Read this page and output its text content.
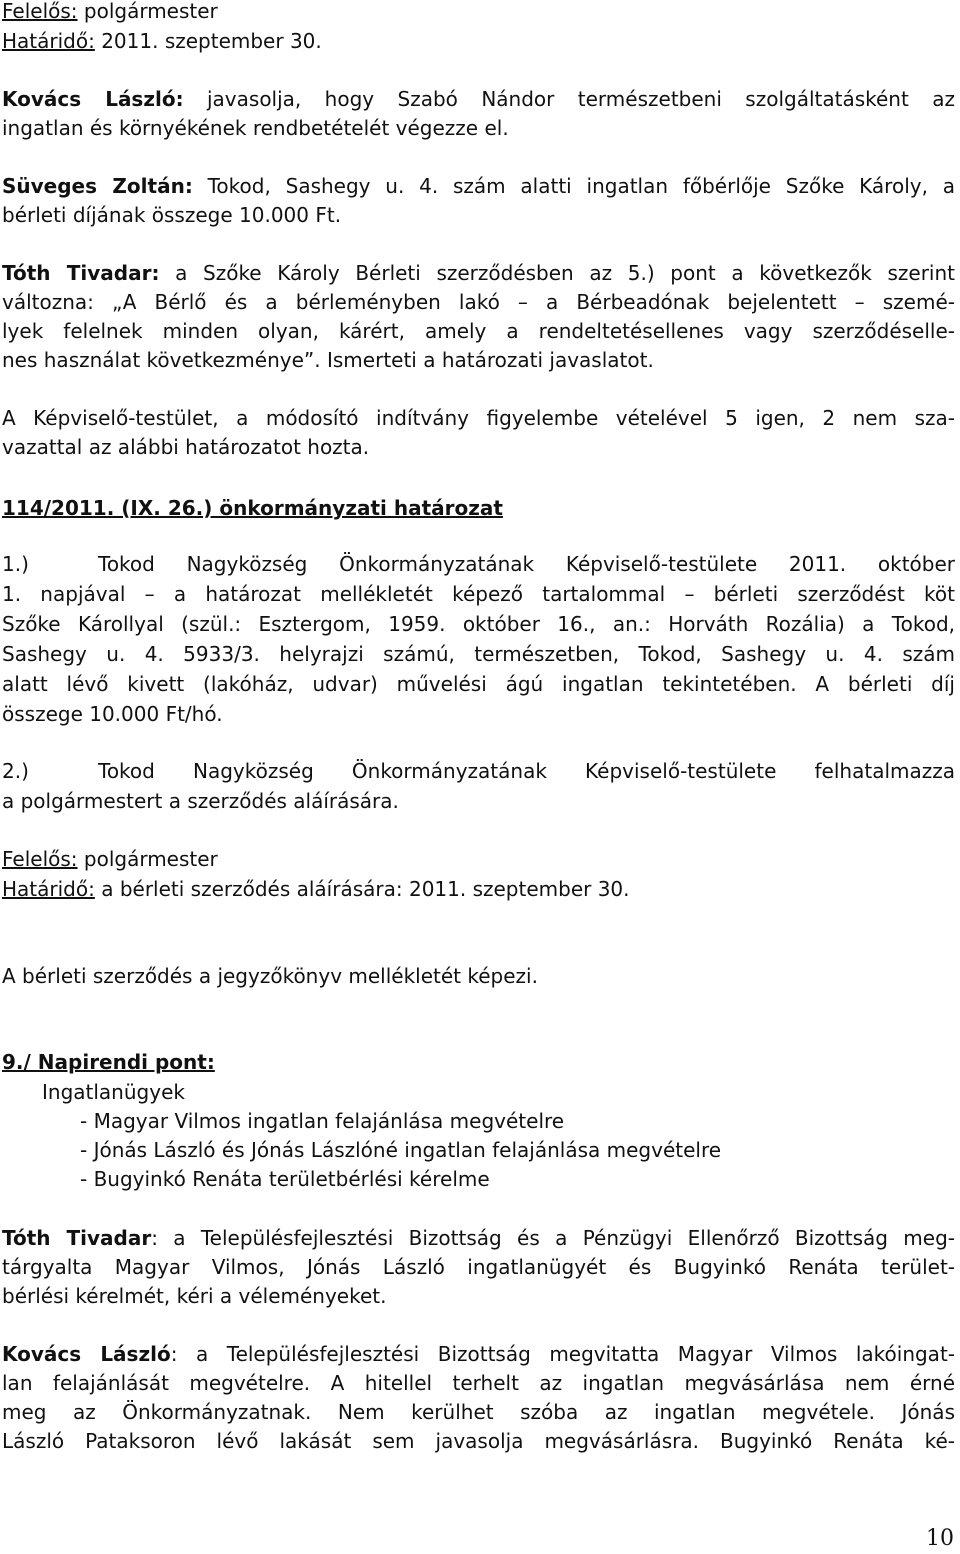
Felelős: polgármester
Határidő: 2011. szeptember 30.
Kovács László: javasolja, hogy Szabó Nándor természetbeni szolgáltatásként az
ingatlan és környékének rendbetételét végezze el.
Süveges Zoltán: Tokod, Sashegy u. 4. szám alatti ingatlan főbérlője Szőke Károly, a
bérleti díjának összege 10.000 Ft.
Tóth Tivadar: a Szőke Károly Bérleti szerződésben az 5.) pont a következők szerint
változna: „A Bérlő és a bérleményben lakó – a Bérbeadónak bejelentett – szemé-
lyek felelnek minden olyan, kárért, amely a rendeltetésellenes vagy szerződéselle-
nes használat következménye”. Ismerteti a határozati javaslatot.
A Képviselő-testület, a módosító indítvány figyelembe vételével 5 igen, 2 nem sza-
vazattal az alábbi határozatot hozta.
114/2011. (IX. 26.) önkormányzati határozat
1.)	Tokod Nagyközség Önkormányzatának Képviselő-testülete 2011. október
1. napjával – a határozat mellékletét képező tartalommal – bérleti szerződést köt
Szőke Károllyal (szül.: Esztergom, 1959. október 16., an.: Horváth Rozália) a Tokod,
Sashegy u. 4. 5933/3. helyrajzi számú, természetben, Tokod, Sashegy u. 4. szám
alatt lévő kivett (lakóház, udvar) művelési ágú ingatlan tekintetében. A bérleti díj
összege 10.000 Ft/hó.
2.)	Tokod Nagyközség Önkormányzatának Képviselő-testülete felhatalmazza
a polgármestert a szerződés aláírására.
Felelős: polgármester
Határidő: a bérleti szerződés aláírására: 2011. szeptember 30.
A bérleti szerződés a jegyzőkönyv mellékletét képezi.
9./ Napirendi pont:
Ingatlanügyek
- Magyar Vilmos ingatlan felajánlása megvételre
- Jónás László és Jónás Lászlóné ingatlan felajánlása megvételre
- Bugyinkó Renáta területbérlési kérelme
Tóth Tivadar: a Településfejlesztési Bizottság és a Pénzügyi Ellenőrző Bizottság meg-
tárgyalta Magyar Vilmos, Jónás László ingatlanügyét és Bugyinkó Renáta terület-
bérlési kérelmét, kéri a véleményeket.
Kovács László: a Településfejlesztési Bizottság megvitatta Magyar Vilmos lakóingat-
lan felajánlását megvételre. A hitellel terhelt az ingatlan megvásárlása nem érné
meg az Önkormányzatnak. Nem kerülhet szóba az ingatlan megvétele. Jónás
László Pataksoron lévő lakását sem javasolja megvásárlásra. Bugyinkó Renáta ké-
10
